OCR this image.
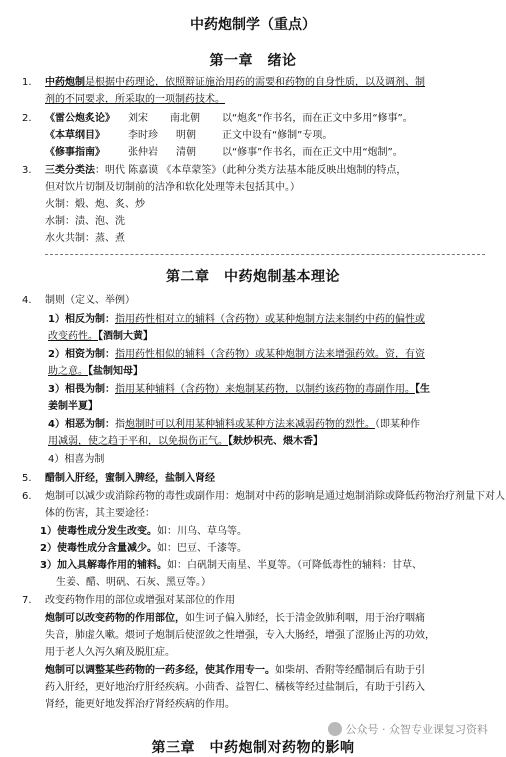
中药炮制学（重点）
第一章　绪论
1. 中药炮制是根据中药理论，依照辩证施治用药的需要和药物的自身性质，以及调剂、制
剂的不同要求，所采取的一项制药技术。
2. 《雷公炮炙论》 刘宋 南北朝 以“炮炙”作书名，而在正文中多用“修事”。
《本草纲目》 李时珍 明朝	正文中设有“修制”专项。
《修事指南》 张仲岩 清朝	以“修事”作书名，而在正文中用“炮制”。
3. 三类分类法：明代 陈嘉谟 《本草蒙筌》（此种分类方法基本能反映出炮制的特点，
但对饮片切制及切制前的洁净和软化处理等未包括其中。）
火制：煅、炮、炙、炒
水制：渍、泡、洗
水火共制：蒸、煮
第二章　中药炮制基本理论
4. 制则（定义、举例）
1）相反为制：指用药性相对立的辅料（含药物）或某种炮制方法来制约中药的偏性或
改变药性。【酒制大黄】
2）相资为制：指用药性相似的辅料（含药物）或某种炮制方法来增强药效。资，有资
助之意。【盐制知母】
3）相畏为制：指用某种辅料（含药物）来炮制某药物，以制约该药物的毒副作用。【生
姜制半夏】
4）相恶为制：指炮制时可以利用某种辅料或某种方法来减弱药物的烈性。（即某种作
用减弱，使之趋于平和，以免损伤正气。【麸炒枳壳、煨木香】
4）相喜为制
5. 醋制入肝经，蜜制入脾经，盐制入肾经
6. 炮制可以减少或消除药物的毒性或副作用：炮制对中药的影响是通过炮制消除或降低药物治疗剂量下对人
体的伤害，其主要途径：
1）使毒性成分发生改变。如：川乌、草乌等。
2）使毒性成分含量减少。如：巴豆、千漆等。
3）加入具解毒作用的辅料。如：白矾制天南星、半夏等。（可降低毒性的辅料：甘草、
生姜、醋、明矾、石灰、黑豆等。）
7. 改变药物作用的部位或增强对某部位的作用
炮制可以改变药物的作用部位，如生诃子偏入肺经，长于清金敛肺利咽，用于治疗咽痛
失音，肺虚久嗽。煨诃子炮制后使涩敛之性增强，专入大肠经，增强了涩肠止泻的功效，
用于老人久泻久痢及脱肛症。
炮制可以调整某些药物的一药多经，使其作用专一。如柴胡、香附等经醋制后有助于引
药入肝经，更好地治疗肝经疾病。小茴香、益智仁、橘核等经过盐制后，有助于引药入
肾经，能更好地发挥治疗肾经疾病的作用。
公众号 · 众智专业课复习资料
第三章　中药炮制对药物的影响
